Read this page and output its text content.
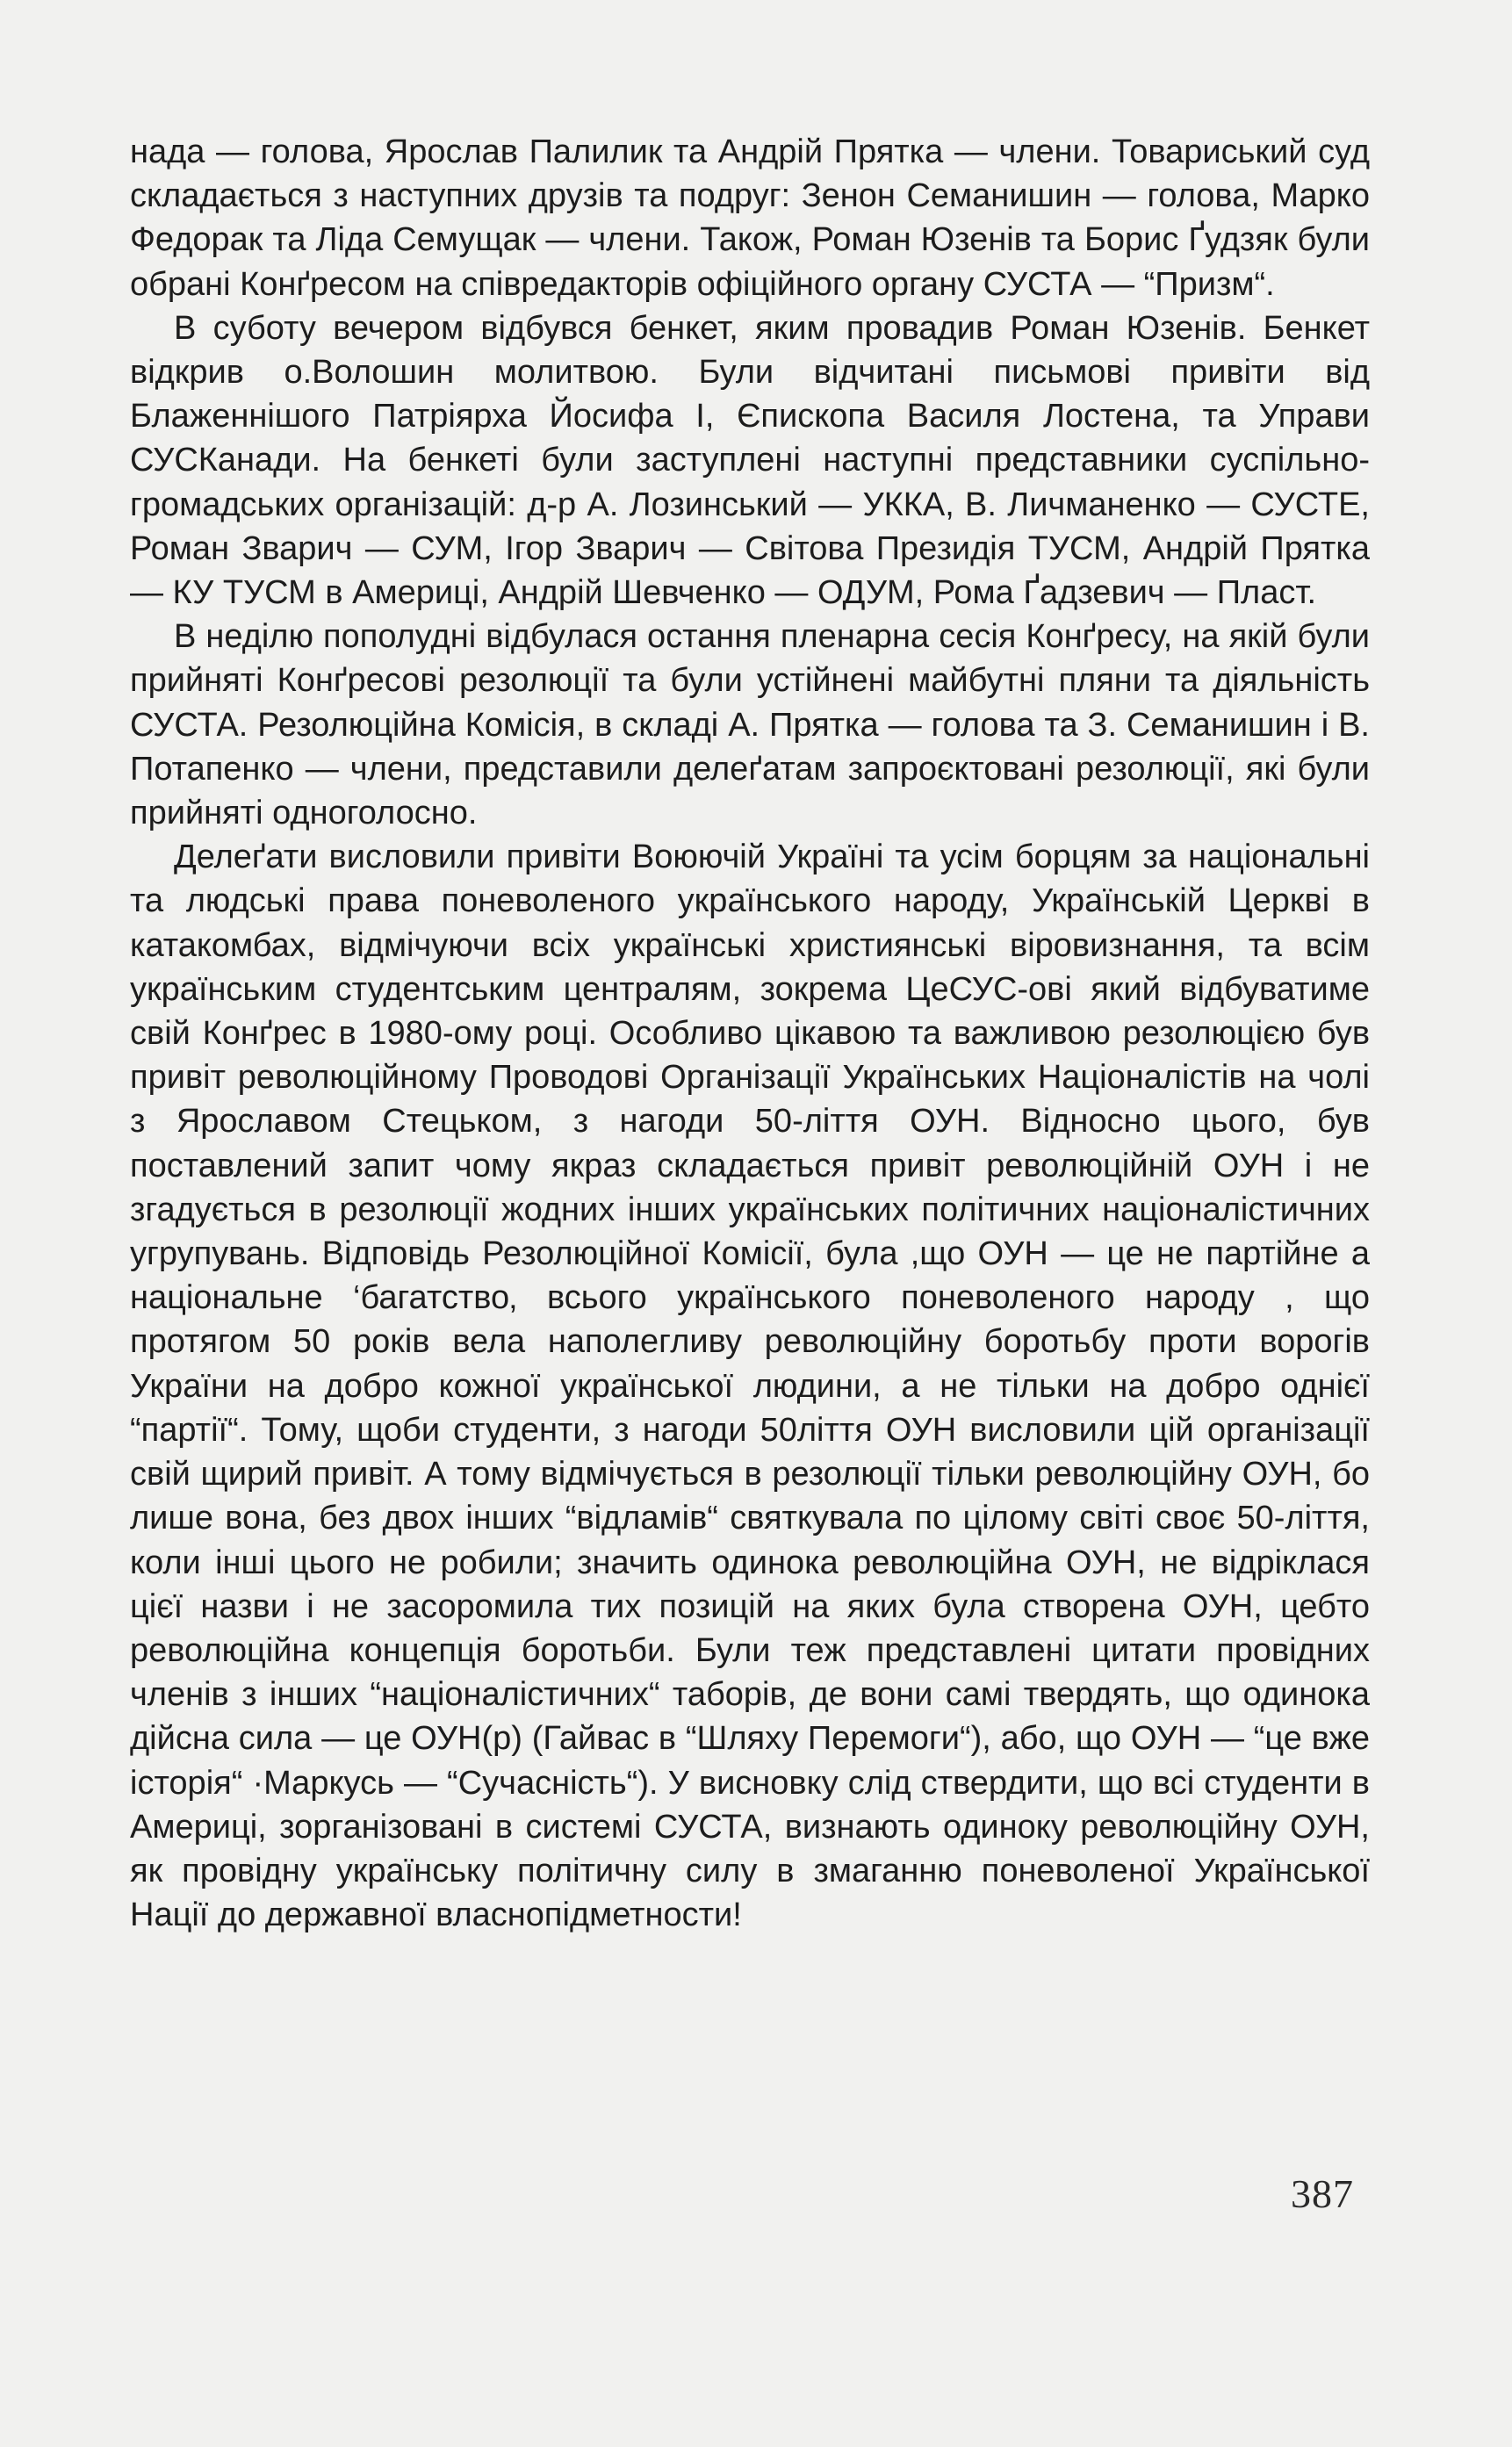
нада — голова, Ярослав Палилик та Андрій Прятка — члени. Товариський суд складається з наступних друзів та подруг: Зенон Семанишин — голова, Марко Федорак та Ліда Семущак — члени. Також, Роман Юзенів та Борис Ґудзяк були обрані Конґресом на співредакторів офіційного органу СУСТА — “Призм“.

В суботу вечером відбувся бенкет, яким провадив Роман Юзенів. Бенкет відкрив о.Волошин молитвою. Були відчитані письмові привіти від Блаженнішого Патріярха Йосифа І, Єпископа Василя Лостена, та Управи СУСКанади. На бенкеті були заступлені наступні представники суспільно-громадських організацій: д-р А. Лозинський — УККА, В. Личманенко — СУСТЕ, Роман Зварич — СУМ, Ігор Зварич — Світова Президія ТУСМ, Андрій Прятка — КУ ТУСМ в Америці, Андрій Шевченко — ОДУМ, Рома Ґадзевич — Пласт.

В неділю пополудні відбулася остання пленарна сесія Конґресу, на якій були прийняті Конґресові резолюції та були устійнені майбутні пляни та діяльність СУСТА. Резолюційна Комісія, в складі А. Прятка — голова та З. Семанишин і В. Потапенко — члени, представили делеґатам запроєктовані резолюції, які були прийняті одноголосно.

Делеґати висловили привіти Воюючій Україні та усім борцям за національні та людські права поневоленого українського народу, Українській Церкві в катакомбах, відмічуючи всіх українські християнські віровизнання, та всім українським студентським централям, зокрема ЦеСУС-ові який відбуватиме свій Конґрес в 1980-ому році. Особливо цікавою та важливою резолюцією був привіт революційному Проводові Організації Українських Націоналістів на чолі з Ярославом Стецьком, з нагоди 50-ліття ОУН. Відносно цього, був поставлений запит чому якраз складається привіт революційній ОУН і не згадується в резолюції жодних інших українських політичних націоналістичних угрупувань. Відповідь Резолюційної Комісії, була ,що ОУН — це не партійне а національне ‘багатство‚ всього українського поневоленого народу , що протягом 50 років вела наполегливу революційну боротьбу проти ворогів України на добро кожної української людини, а не тільки на добро однієї “партії“. Тому, щоби студенти, з нагоди 50ліття ОУН висловили цій організації свій щирий привіт. А тому відмічується в резолюції тільки революційну ОУН, бо лише вона, без двох інших “відламів“ святкувала по цілому світі своє 50-ліття, коли інші цього не робили; значить одинока революційна ОУН, не відріклася цієї назви і не засоромила тих позицій на яких була створена ОУН, цебто революційна концепція боротьби. Були теж представлені цитати провідних членів з інших “націоналістичних“ таборів, де вони самі твердять, що одинока дійсна сила — це ОУН(р) (Гайвас в “Шляху Перемоги“), або, що ОУН — “це вже історія“ ·Маркусь — “Сучасність“). У висновку слід ствердити, що всі студенти в Америці, зорганізовані в системі СУСТА, визнають одиноку революційну ОУН, як провідну українську політичну силу в змаганню поневоленої Української Нації до державної власнопідметности!

387
